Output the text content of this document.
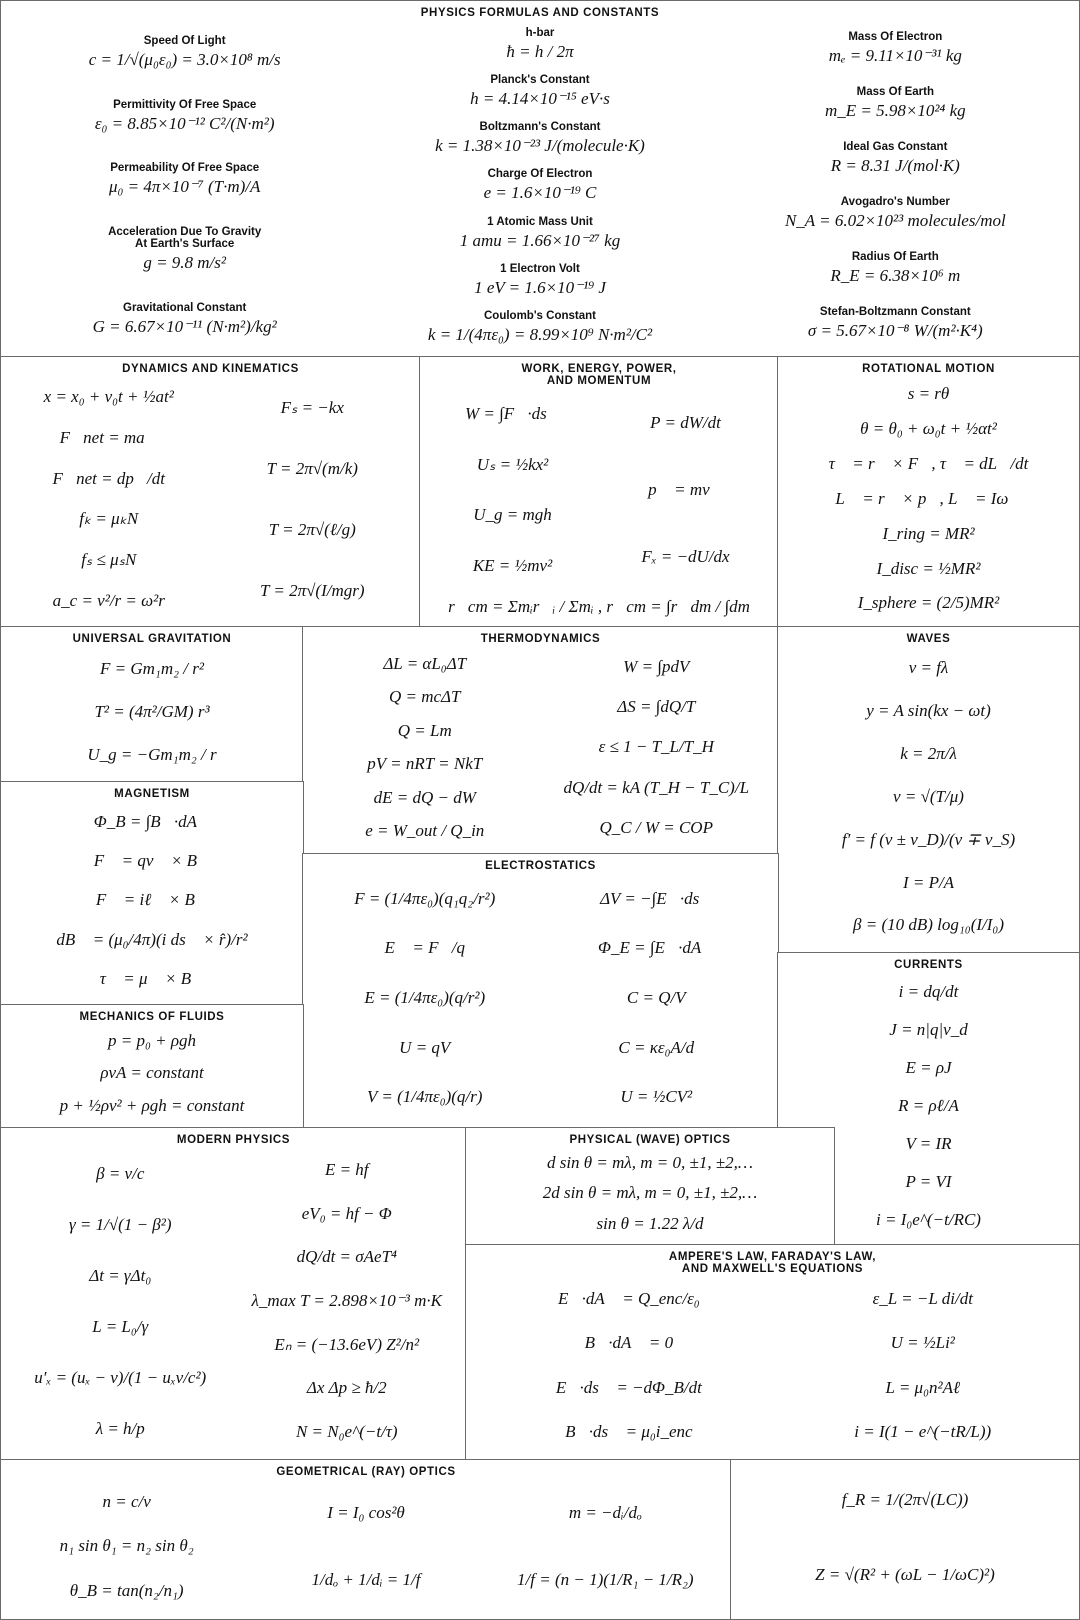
PHYSICS FORMULAS AND CONSTANTS
Speed Of Light
c = 1/√(μ₀ε₀) = 3.0×10⁸ m/s
Permittivity Of Free Space
ε₀ = 8.85×10⁻¹² C²/(N·m²)
Permeability Of Free Space
μ₀ = 4π×10⁻⁷ (T·m)/A
Acceleration Due To Gravity
At Earth's Surface
g = 9.8 m/s²
Gravitational Constant
G = 6.67×10⁻¹¹ (N·m²)/kg²
h-bar
ħ = h / 2π
Planck's Constant
h = 4.14×10⁻¹⁵ eV·s
Boltzmann's Constant
k = 1.38×10⁻²³ J/(molecule·K)
Charge Of Electron
e = 1.6×10⁻¹⁹ C
1 Atomic Mass Unit
1 amu = 1.66×10⁻²⁷ kg
1 Electron Volt
1 eV = 1.6×10⁻¹⁹ J
Coulomb's Constant
k = 1/(4πε₀) = 8.99×10⁹ N·m²/C²
Mass Of Electron
mₑ = 9.11×10⁻³¹ kg
Mass Of Earth
m_E = 5.98×10²⁴ kg
Ideal Gas Constant
R = 8.31 J/(mol·K)
Avogadro's Number
N_A = 6.02×10²³ molecules/mol
Radius Of Earth
R_E = 6.38×10⁶ m
Stefan-Boltzmann Constant
σ = 5.67×10⁻⁸ W/(m²·K⁴)
DYNAMICS AND KINEMATICS
x = x₀ + v₀t + ½at²
F⃗net = ma⃗
F⃗net = dp⃗/dt
fₖ = μₖN
fₛ ≤ μₛN
a_c = v²/r = ω²r
Fₛ = −kx
T = 2π√(m/k)
T = 2π√(ℓ/g)
T = 2π√(I/mgr)
WORK, ENERGY, POWER,
AND MOMENTUM
W = ∫F⃗·ds⃗
Uₛ = ½kx²
U_g = mgh
KE = ½mv²
P = dW/dt
p⃗ = mv⃗
Fₓ = −dU/dx
r⃗cm = Σmᵢr⃗ᵢ / Σmᵢ , r⃗cm = ∫r⃗dm / ∫dm
ROTATIONAL MOTION
s = rθ
θ = θ₀ + ω₀t + ½αt²
τ⃗ = r⃗ × F⃗, τ⃗ = dL⃗/dt
L⃗ = r⃗ × p⃗, L⃗ = Iω⃗
I_ring = MR²
I_disc = ½MR²
I_sphere = (2/5)MR²
UNIVERSAL GRAVITATION
F = Gm₁m₂ / r²
T² = (4π²/GM) r³
U_g = −Gm₁m₂ / r
THERMODYNAMICS
ΔL = αL₀ΔT
Q = mcΔT
Q = Lm
pV = nRT = NkT
dE = dQ − dW
e = W_out / Q_in
W = ∫pdV
ΔS = ∫dQ/T
ε ≤ 1 − T_L/T_H
dQ/dt = kA (T_H − T_C)/L
Q_C / W = COP
WAVES
v = fλ
y = A sin(kx − ωt)
k = 2π/λ
v = √(T/μ)
f′ = f (v ± v_D)/(v ∓ v_S)
I = P/A
β = (10 dB) log₁₀(I/I₀)
MAGNETISM
Φ_B = ∫B⃗·dA⃗
F⃗ = qv⃗ × B⃗
F⃗ = iℓ⃗ × B⃗
dB⃗ = (μ₀/4π)(i ds⃗ × r̂)/r²
τ⃗ = μ⃗ × B⃗
ELECTROSTATICS
F = (1/4πε₀)(q₁q₂/r²)
E⃗ = F⃗/q
E = (1/4πε₀)(q/r²)
U = qV
V = (1/4πε₀)(q/r)
ΔV = −∫E⃗·ds⃗
Φ_E = ∫E⃗·dA⃗
C = Q/V
C = κε₀A/d
U = ½CV²
CURRENTS
i = dq/dt
J = n|q|v_d
E = ρJ
R = ρℓ/A
V = IR
P = VI
i = I₀e^(−t/RC)
MECHANICS OF FLUIDS
p = p₀ + ρgh
ρvA = constant
p + ½ρv² + ρgh = constant
MODERN PHYSICS
β = v/c
γ = 1/√(1 − β²)
Δt = γΔt₀
L = L₀/γ
u′ₓ = (uₓ − v)/(1 − uₓv/c²)
λ = h/p
E = hf
eV₀ = hf − Φ
dQ/dt = σAeT⁴
λ_max T = 2.898×10⁻³ m·K
Eₙ = (−13.6eV) Z²/n²
Δx Δp ≥ ħ/2
N = N₀e^(−t/τ)
PHYSICAL (WAVE) OPTICS
d sin θ = mλ, m = 0, ±1, ±2,…
2d sin θ = mλ, m = 0, ±1, ±2,…
sin θ = 1.22 λ/d
AMPERE'S LAW, FARADAY'S LAW,
AND MAXWELL'S EQUATIONS
∮E⃗·dA⃗ = Q_enc/ε₀
∮B⃗·dA⃗ = 0
∮E⃗·ds⃗ = −dΦ_B/dt
∮B⃗·ds⃗ = μ₀i_enc
ε_L = −L di/dt
U = ½Li²
L = μ₀n²Aℓ
i = I(1 − e^(−tR/L))
GEOMETRICAL (RAY) OPTICS
n = c/v
n₁ sin θ₁ = n₂ sin θ₂
θ_B = tan(n₂/n₁)
I = I₀ cos²θ
1/dₒ + 1/dᵢ = 1/f
m = −dᵢ/dₒ
1/f = (n − 1)(1/R₁ − 1/R₂)
f_R = 1/(2π√(LC))
Z = √(R² + (ωL − 1/ωC)²)
